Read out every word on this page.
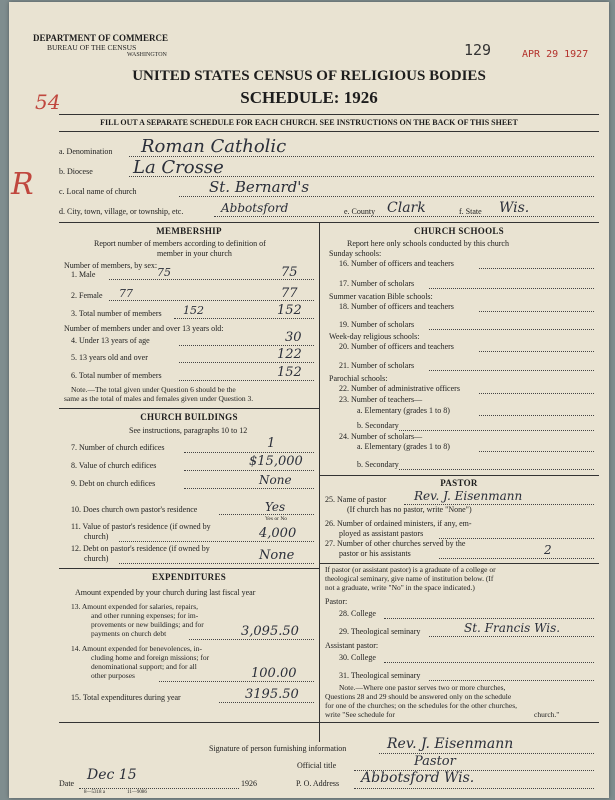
DEPARTMENT OF COMMERCE
BUREAU OF THE CENSUS
WASHINGTON	129	APR 29 1927
54
R
UNITED STATES CENSUS OF RELIGIOUS BODIES
SCHEDULE: 1926
FILL OUT A SEPARATE SCHEDULE FOR EACH CHURCH. SEE INSTRUCTIONS ON THE BACK OF THIS SHEET
a. Denomination Roman Catholic
b. Diocese La Crosse
c. Local name of church	St. Bernard's
d. City, town, village, or township, etc.	Abbotsford	e. County Clark	f. State Wis.
MEMBERSHIP
Report number of members according to definition of
member in your church
Number of members, by sex:
1. Male	75	75
2. Female 77	77
3. Total number of members 152	152
Number of members under and over 13 years old:
4. Under 13 years of age	30
5. 13 years old and over	122
6. Total number of members	152
Note.—The total given under Question 6 should be the
same as the total of males and females given under Question 3.
CHURCH BUILDINGS
See instructions, paragraphs 10 to 12
7. Number of church edifices	1
8. Value of church edifices	$15,000
9. Debt on church edifices	None
10. Does church own pastor's residence	Yes
Yes or No
11. Value of pastor's residence (if owned by
church)	4,000
12. Debt on pastor's residence (if owned by
church)	None
EXPENDITURES
Amount expended by your church during last fiscal year
13. Amount expended for salaries, repairs,
and other running expenses; for im-
provements or new buildings; and for
payments on church debt	3,095.50
14. Amount expended for benevolences, in-
cluding home and foreign missions; for
denominational support; and for all
other purposes	100.00
15. Total expenditures during year	3195.50
CHURCH SCHOOLS
Report here only schools conducted by this church
Sunday schools:
16. Number of officers and teachers
17. Number of scholars
Summer vacation Bible schools:
18. Number of officers and teachers
19. Number of scholars
Week-day religious schools:
20. Number of officers and teachers
21. Number of scholars
Parochial schools:
22. Number of administrative officers
23. Number of teachers—
a. Elementary (grades 1 to 8)
b. Secondary
24. Number of scholars—
a. Elementary (grades 1 to 8)
b. Secondary
PASTOR
25. Name of pastor Rev. J. Eisenmann
(If church has no pastor, write "None")
26. Number of ordained ministers, if any, em-
ployed as assistant pastors
27. Number of other churches served by the
pastor or his assistants	2
If pastor (or assistant pastor) is a graduate of a college or
theological seminary, give name of institution below. (If
not a graduate, write "No" in the space indicated.)
Pastor:
28. College
29. Theological seminary	St. Francis Wis.
Assistant pastor:
30. College
31. Theological seminary
Note.—Where one pastor serves two or more churches,
Questions 28 and 29 should be answered only on the schedule
for one of the churches; on the schedules for the other churches,
write "See schedule for	church."
Signature of person furnishing information	Rev. J. Eisenmann
Official title	Pastor
Date
Dec 15
1926	P. O. Address Abbotsford Wis.
8—5318 a	11—9086
